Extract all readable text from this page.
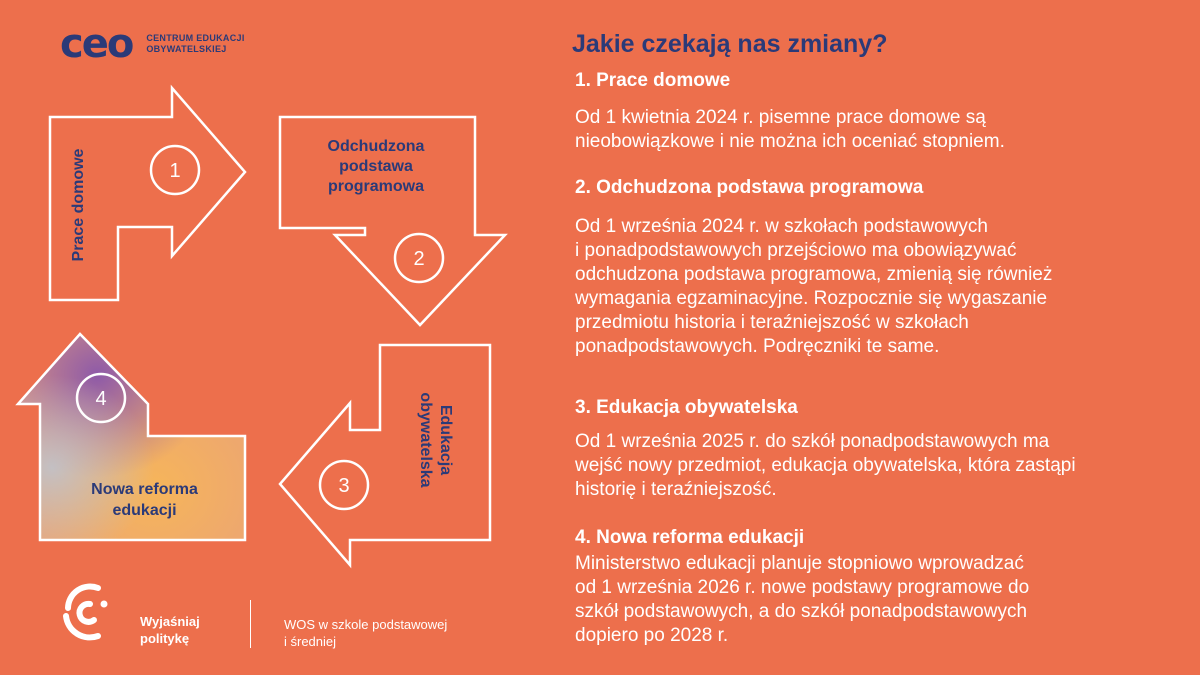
ceo CENTRUM EDUKACJI
OBYWATELSKIEJ
1
2
3
4
Prace domowe
Odchudzona
podstawa
programowa
Edukacja
obywatelska
Nowa reforma
edukacji
Jakie czekają nas zmiany?
1. Prace domowe
Od 1 kwietnia 2024 r. pisemne prace domowe są
nieobowiązkowe i nie można ich oceniać stopniem.
2. Odchudzona podstawa programowa
Od 1 września 2024 r. w szkołach podstawowych
i ponadpodstawowych przejściowo ma obowiązywać
odchudzona podstawa programowa, zmienią się również
wymagania egzaminacyjne. Rozpocznie się wygaszanie
przedmiotu historia i teraźniejszość w szkołach
ponadpodstawowych. Podręczniki te same.
3. Edukacja obywatelska
Od 1 września 2025 r. do szkół ponadpodstawowych ma
wejść nowy przedmiot, edukacja obywatelska, która zastąpi
historię i teraźniejszość.
4. Nowa reforma edukacji
Ministerstwo edukacji planuje stopniowo wprowadzać
od 1 września 2026 r. nowe podstawy programowe do
szkół podstawowych, a do szkół ponadpodstawowych
dopiero po 2028 r.
Wyjaśniaj
politykę
WOS w szkole podstawowej
i średniej
